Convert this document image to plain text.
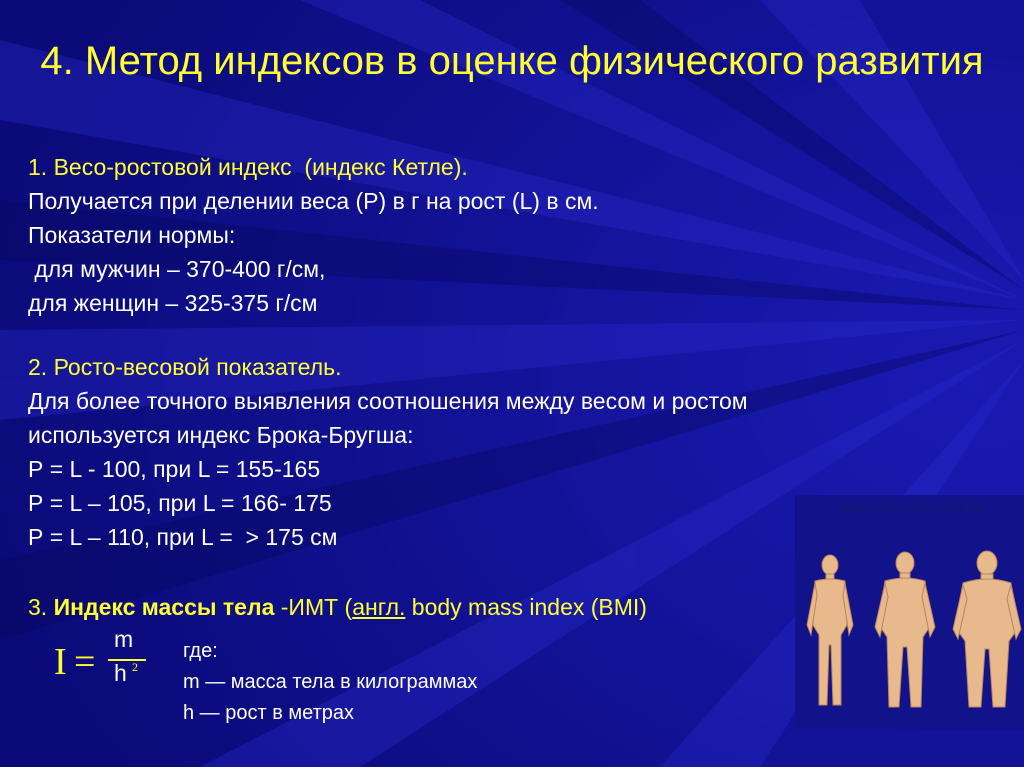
4. Метод индексов в оценке физического развития
1. Весо-ростовой индекс  (индекс Кетле).
Получается при делении веса (Р) в г на рост (L) в см.
Показатели нормы:
для мужчин – 370-400 г/см,
для женщин – 325-375 г/см
2. Росто-весовой показатель.
Для более точного выявления соотношения между весом и ростом
используется индекс Брока-Бругша:
Р = L - 100, при L = 155-165
Р = L – 105, при L = 166- 175
Р = L – 110, при L =  > 175 см
3. Индекс массы тела -ИМТ (англ. body mass index (BMI)
I =
m
h 2
где:
m — масса тела в килограммах
h — рост в метрах
Obesity and Body Mass Index (BMI)
